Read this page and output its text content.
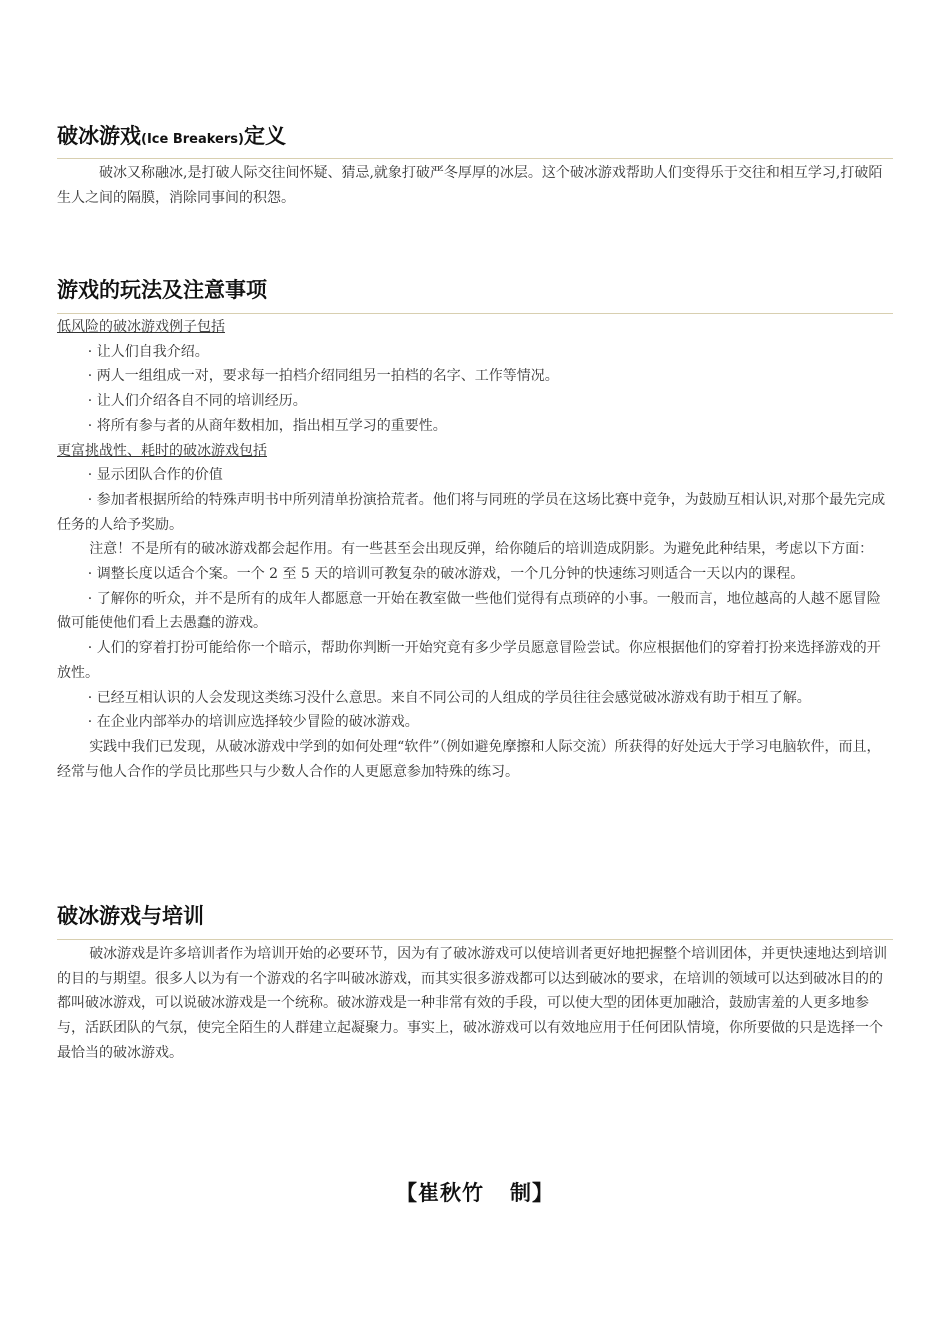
破冰游戏(Ice Breakers)定义

破冰又称融冰,是打破人际交往间怀疑、猜忌,就象打破严冬厚厚的冰层。这个破冰游戏帮助人们变得乐于交往和相互学习,打破陌生人之间的隔膜，消除同事间的积怨。

游戏的玩法及注意事项
低风险的破冰游戏例子包括
· 让人们自我介绍。
· 两人一组组成一对，要求每一拍档介绍同组另一拍档的名字、工作等情况。
· 让人们介绍各自不同的培训经历。
· 将所有参与者的从商年数相加，指出相互学习的重要性。
更富挑战性、耗时的破冰游戏包括
· 显示团队合作的价值
· 参加者根据所给的特殊声明书中所列清单扮演拾荒者。他们将与同班的学员在这场比赛中竞争，为鼓励互相认识,对那个最先完成任务的人给予奖励。
注意！不是所有的破冰游戏都会起作用。有一些甚至会出现反弹，给你随后的培训造成阴影。为避免此种结果，考虑以下方面：
· 调整长度以适合个案。一个 2 至 5 天的培训可教复杂的破冰游戏，一个几分钟的快速练习则适合一天以内的课程。
· 了解你的听众，并不是所有的成年人都愿意一开始在教室做一些他们觉得有点琐碎的小事。一般而言，地位越高的人越不愿冒险做可能使他们看上去愚蠢的游戏。
· 人们的穿着打扮可能给你一个暗示，帮助你判断一开始究竟有多少学员愿意冒险尝试。你应根据他们的穿着打扮来选择游戏的开放性。
· 已经互相认识的人会发现这类练习没什么意思。来自不同公司的人组成的学员往往会感觉破冰游戏有助于相互了解。
· 在企业内部举办的培训应选择较少冒险的破冰游戏。
实践中我们已发现，从破冰游戏中学到的如何处理“软件”（例如避免摩擦和人际交流）所获得的好处远大于学习电脑软件，而且，经常与他人合作的学员比那些只与少数人合作的人更愿意参加特殊的练习。
破冰游戏与培训

破冰游戏是许多培训者作为培训开始的必要环节，因为有了破冰游戏可以使培训者更好地把握整个培训团体，并更快速地达到培训的目的与期望。很多人以为有一个游戏的名字叫破冰游戏，而其实很多游戏都可以达到破冰的要求，在培训的领域可以达到破冰目的的都叫破冰游戏，可以说破冰游戏是一个统称。破冰游戏是一种非常有效的手段，可以使大型的团体更加融洽，鼓励害羞的人更多地参与，活跃团队的气氛，使完全陌生的人群建立起凝聚力。事实上，破冰游戏可以有效地应用于任何团队情境，你所要做的只是选择一个最恰当的破冰游戏。

【崔秋竹 制】
